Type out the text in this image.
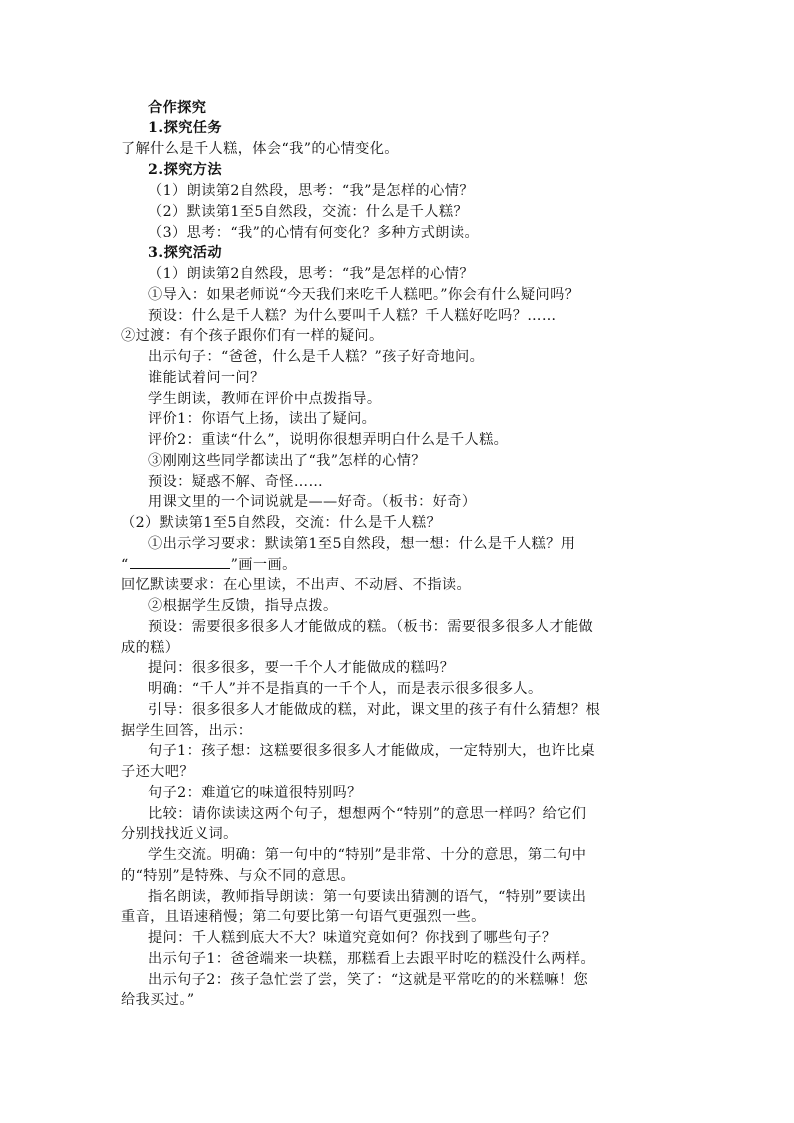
合作探究
1.探究任务
了解什么是千人糕，体会“我”的心情变化。
2.探究方法
（1）朗读第2自然段，思考：“我”是怎样的心情？
（2）默读第1至5自然段，交流：什么是千人糕？
（3）思考：“我”的心情有何变化？多种方式朗读。
3.探究活动
（1）朗读第2自然段，思考：“我”是怎样的心情？
①导入：如果老师说“今天我们来吃千人糕吧。”你会有什么疑问吗？
预设：什么是千人糕？为什么要叫千人糕？千人糕好吃吗？……
②过渡：有个孩子跟你们有一样的疑问。
出示句子：“爸爸，什么是千人糕？”孩子好奇地问。
谁能试着问一问？
学生朗读，教师在评价中点拨指导。
评价1：你语气上扬，读出了疑问。
评价2：重读“什么”，说明你很想弄明白什么是千人糕。
③刚刚这些同学都读出了“我”怎样的心情？
预设：疑惑不解、奇怪……
用课文里的一个词说就是——好奇。（板书：好奇）
（2）默读第1至5自然段，交流：什么是千人糕？
①出示学习要求：默读第1至5自然段，想一想：什么是千人糕？用
“	”画一画。
回忆默读要求：在心里读，不出声、不动唇、不指读。
②根据学生反馈，指导点拨。
预设：需要很多很多人才能做成的糕。（板书：需要很多很多人才能做
成的糕）
提问：很多很多，要一千个人才能做成的糕吗？
明确：“千人”并不是指真的一千个人，而是表示很多很多人。
引导：很多很多人才能做成的糕，对此，课文里的孩子有什么猜想？根
据学生回答，出示：
句子1：孩子想：这糕要很多很多人才能做成，一定特别大，也许比桌
子还大吧？
句子2：难道它的味道很特别吗？
比较：请你读读这两个句子，想想两个“特别”的意思一样吗？给它们
分别找找近义词。
学生交流。明确：第一句中的“特别”是非常、十分的意思，第二句中
的“特别”是特殊、与众不同的意思。
指名朗读，教师指导朗读：第一句要读出猜测的语气，“特别”要读出
重音，且语速稍慢；第二句要比第一句语气更强烈一些。
提问：千人糕到底大不大？味道究竟如何？你找到了哪些句子？
出示句子1：爸爸端来一块糕，那糕看上去跟平时吃的糕没什么两样。
出示句子2：孩子急忙尝了尝，笑了：“这就是平常吃的的米糕嘛！您
给我买过。”
